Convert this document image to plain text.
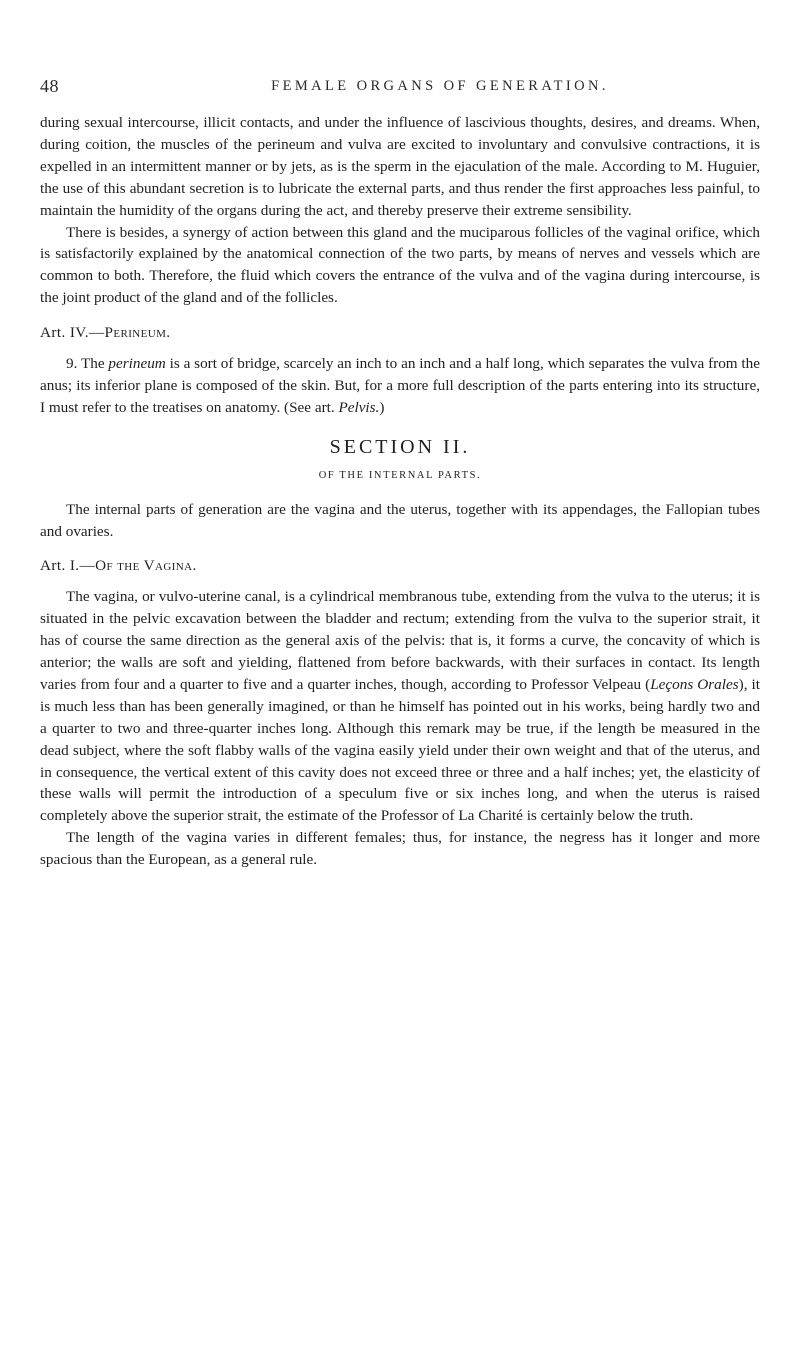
48	FEMALE ORGANS OF GENERATION.

during sexual intercourse, illicit contacts, and under the influence of lascivious thoughts, desires, and dreams. When, during coition, the muscles of the perineum and vulva are excited to involuntary and convulsive contractions, it is expelled in an intermittent manner or by jets, as is the sperm in the ejaculation of the male. According to M. Huguier, the use of this abundant secretion is to lubricate the external parts, and thus render the first approaches less painful, to maintain the humidity of the organs during the act, and thereby preserve their extreme sensibility.

There is besides, a synergy of action between this gland and the muciparous follicles of the vaginal orifice, which is satisfactorily explained by the anatomical connection of the two parts, by means of nerves and vessels which are common to both. Therefore, the fluid which covers the entrance of the vulva and of the vagina during intercourse, is the joint product of the gland and of the follicles.

Art. IV.—Perineum.

9. The perineum is a sort of bridge, scarcely an inch to an inch and a half long, which separates the vulva from the anus; its inferior plane is composed of the skin. But, for a more full description of the parts entering into its structure, I must refer to the treatises on anatomy. (See art. Pelvis.)

SECTION II.

OF THE INTERNAL PARTS.

The internal parts of generation are the vagina and the uterus, together with its appendages, the Fallopian tubes and ovaries.

Art. I.—Of the Vagina.

The vagina, or vulvo-uterine canal, is a cylindrical membranous tube, extending from the vulva to the uterus; it is situated in the pelvic excavation between the bladder and rectum; extending from the vulva to the superior strait, it has of course the same direction as the general axis of the pelvis: that is, it forms a curve, the concavity of which is anterior; the walls are soft and yielding, flattened from before backwards, with their surfaces in contact. Its length varies from four and a quarter to five and a quarter inches, though, according to Professor Velpeau (Leçons Orales), it is much less than has been generally imagined, or than he himself has pointed out in his works, being hardly two and a quarter to two and three-quarter inches long. Although this remark may be true, if the length be measured in the dead subject, where the soft flabby walls of the vagina easily yield under their own weight and that of the uterus, and in consequence, the vertical extent of this cavity does not exceed three or three and a half inches; yet, the elasticity of these walls will permit the introduction of a speculum five or six inches long, and when the uterus is raised completely above the superior strait, the estimate of the Professor of La Charité is certainly below the truth.

The length of the vagina varies in different females; thus, for instance, the negress has it longer and more spacious than the European, as a general rule.
